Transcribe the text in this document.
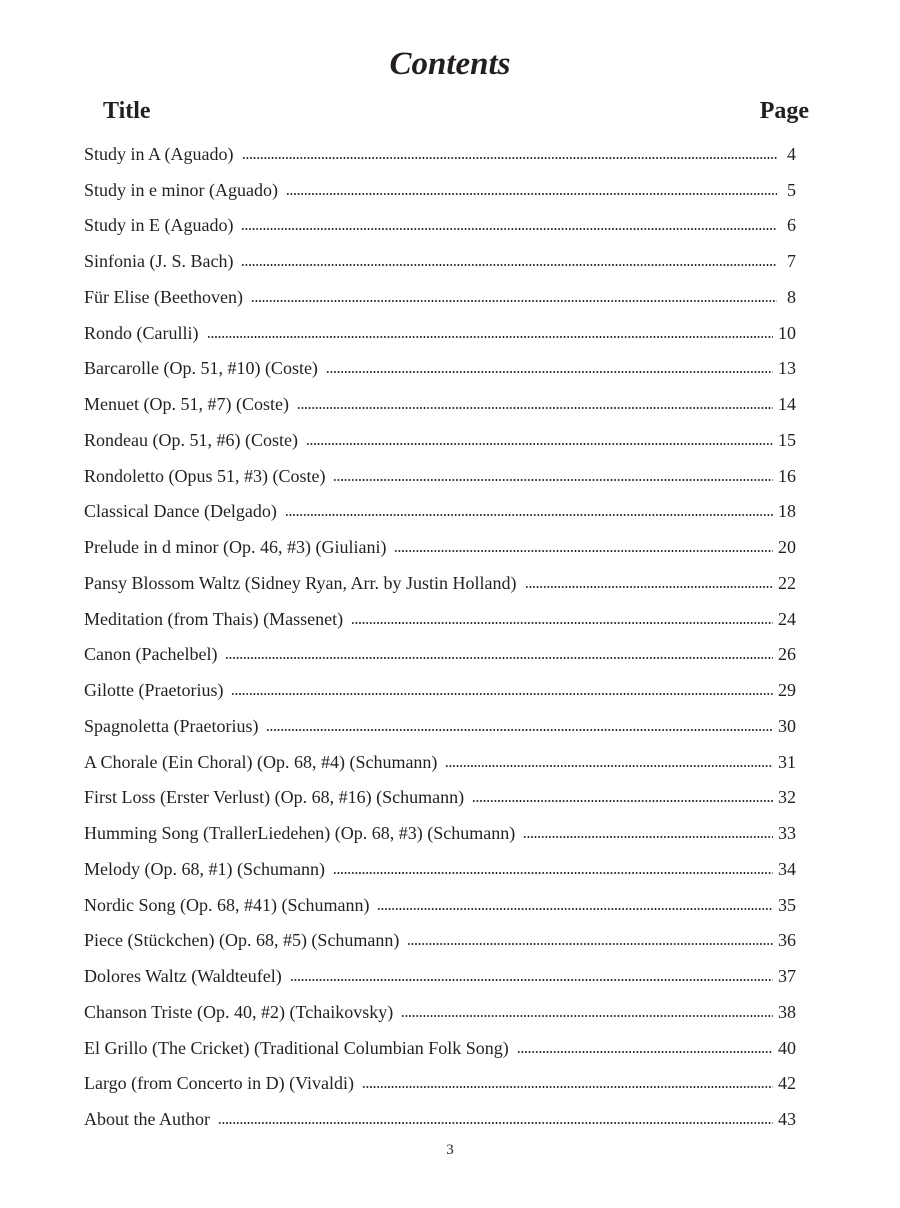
Contents
Title	Page
Study in A (Aguado)	4
Study in e minor (Aguado)	5
Study in E (Aguado)	6
Sinfonia (J. S. Bach)	7
Für Elise (Beethoven)	8
Rondo (Carulli)	10
Barcarolle (Op. 51, #10) (Coste)	13
Menuet (Op. 51, #7) (Coste)	14
Rondeau (Op. 51, #6) (Coste)	15
Rondoletto (Opus 51, #3) (Coste)	16
Classical Dance (Delgado)	18
Prelude in d minor (Op. 46, #3) (Giuliani)	20
Pansy Blossom Waltz (Sidney Ryan, Arr. by Justin Holland)	22
Meditation (from Thais) (Massenet)	24
Canon (Pachelbel)	26
Gilotte (Praetorius)	29
Spagnoletta (Praetorius)	30
A Chorale (Ein Choral) (Op. 68, #4) (Schumann)	31
First Loss (Erster Verlust) (Op. 68, #16) (Schumann)	32
Humming Song (TrallerLiedehen) (Op. 68, #3) (Schumann)	33
Melody (Op. 68, #1) (Schumann)	34
Nordic Song (Op. 68, #41) (Schumann)	35
Piece (Stückchen) (Op. 68, #5) (Schumann)	36
Dolores Waltz (Waldteufel)	37
Chanson Triste (Op. 40, #2) (Tchaikovsky)	38
El Grillo (The Cricket) (Traditional Columbian Folk Song)	40
Largo (from Concerto in D) (Vivaldi)	42
About the Author	43
3
